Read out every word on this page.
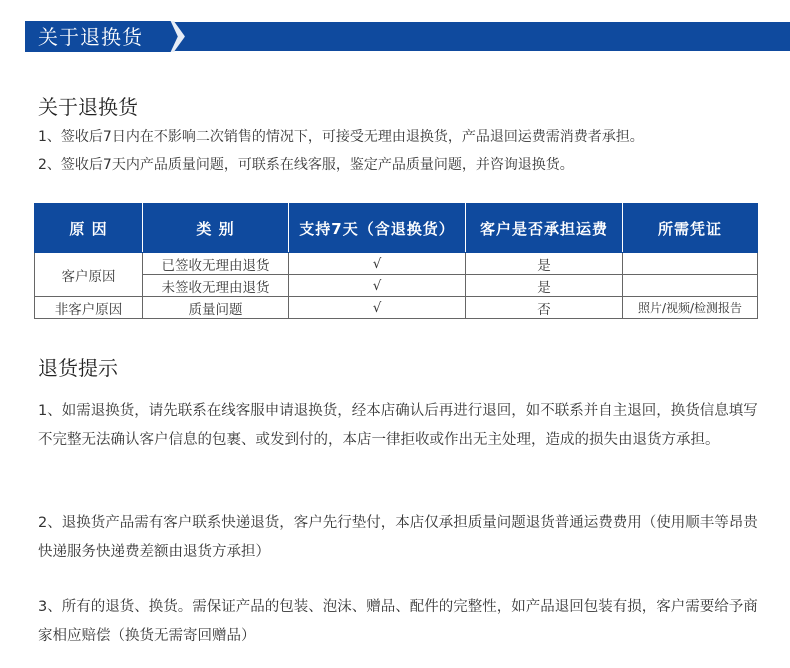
关于退换货
关于退换货
1、签收后7日内在不影响二次销售的情况下，可接受无理由退换货，产品退回运费需消费者承担。
2、签收后7天内产品质量问题，可联系在线客服，鉴定产品质量问题，并咨询退换货。
原 因	类 别	支持7天（含退换货）	客户是否承担运费	所需凭证
客户原因	已签收无理由退货	√	是	
	未签收无理由退货	√	是	
非客户原因	质量问题	√	否	照片/视频/检测报告
退货提示
1、如需退换货，请先联系在线客服申请退换货，经本店确认后再进行退回，如不联系并自主退回，换货信息填写不完整无法确认客户信息的包裹、或发到付的，本店一律拒收或作出无主处理，造成的损失由退货方承担。
2、退换货产品需有客户联系快递退货，客户先行垫付，本店仅承担质量问题退货普通运费费用（使用顺丰等昂贵快递服务快递费差额由退货方承担）
3、所有的退货、换货。需保证产品的包装、泡沫、赠品、配件的完整性，如产品退回包装有损，客户需要给予商家相应赔偿（换货无需寄回赠品）
